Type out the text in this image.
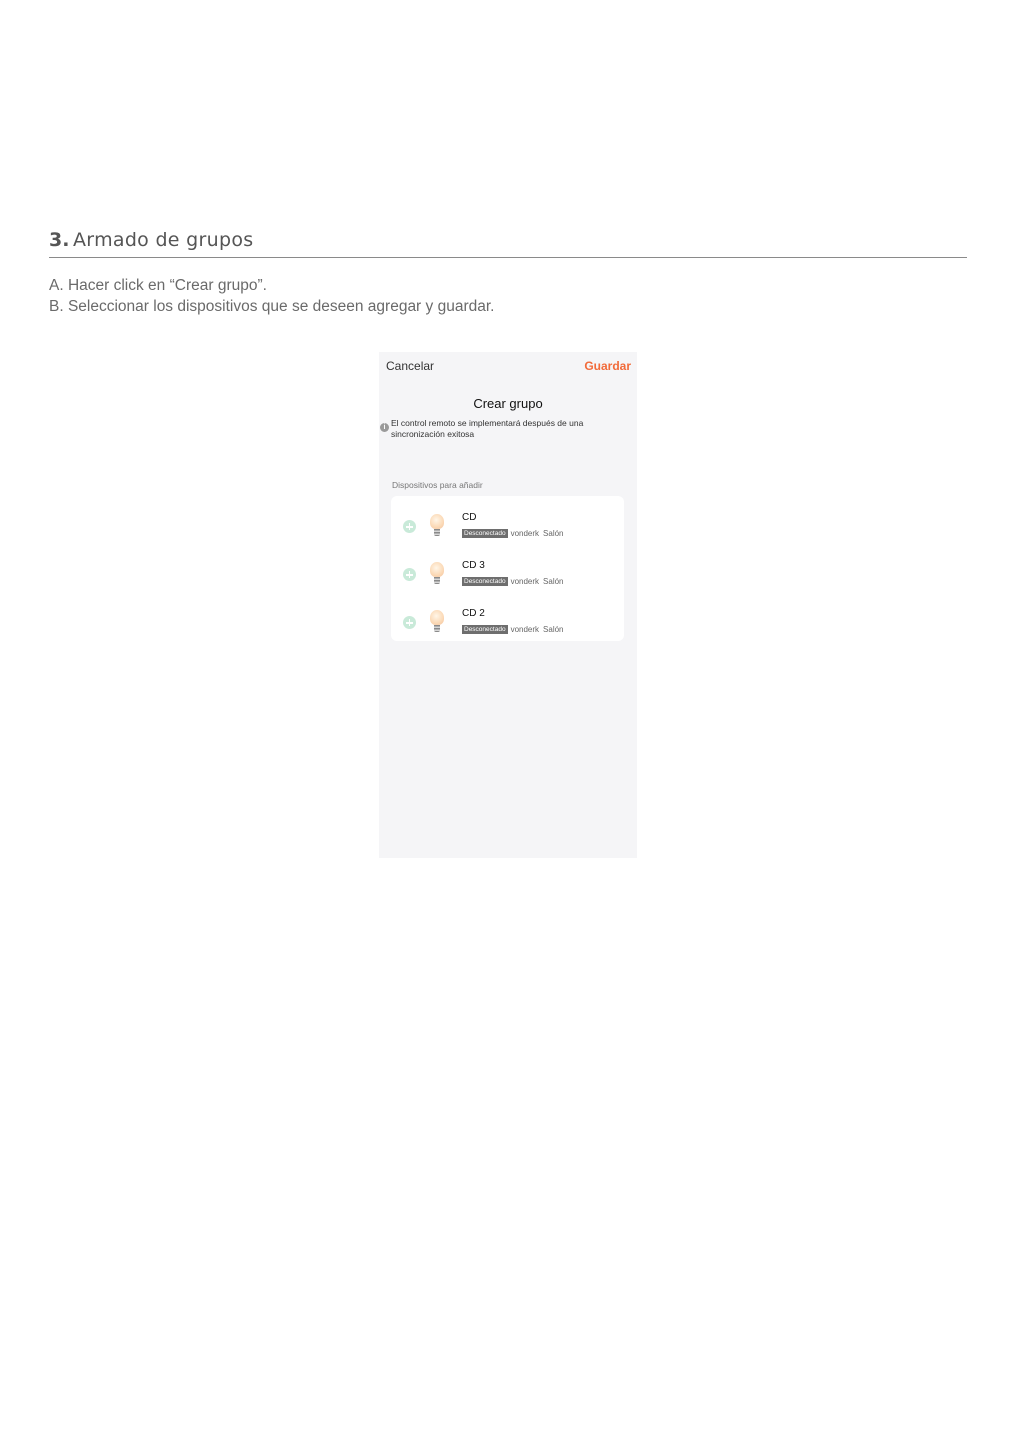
3. Armado de grupos
A. Hacer click en “Crear grupo”.
B. Seleccionar los dispositivos que se deseen agregar y guardar.
Cancelar	Guardar
Crear grupo
i El control remoto se implementará después de una sincronización exitosa
Dispositivos para añadir
CD
Desconectado vonderk Salón
CD 3
Desconectado vonderk Salón
CD 2
Desconectado vonderk Salón
